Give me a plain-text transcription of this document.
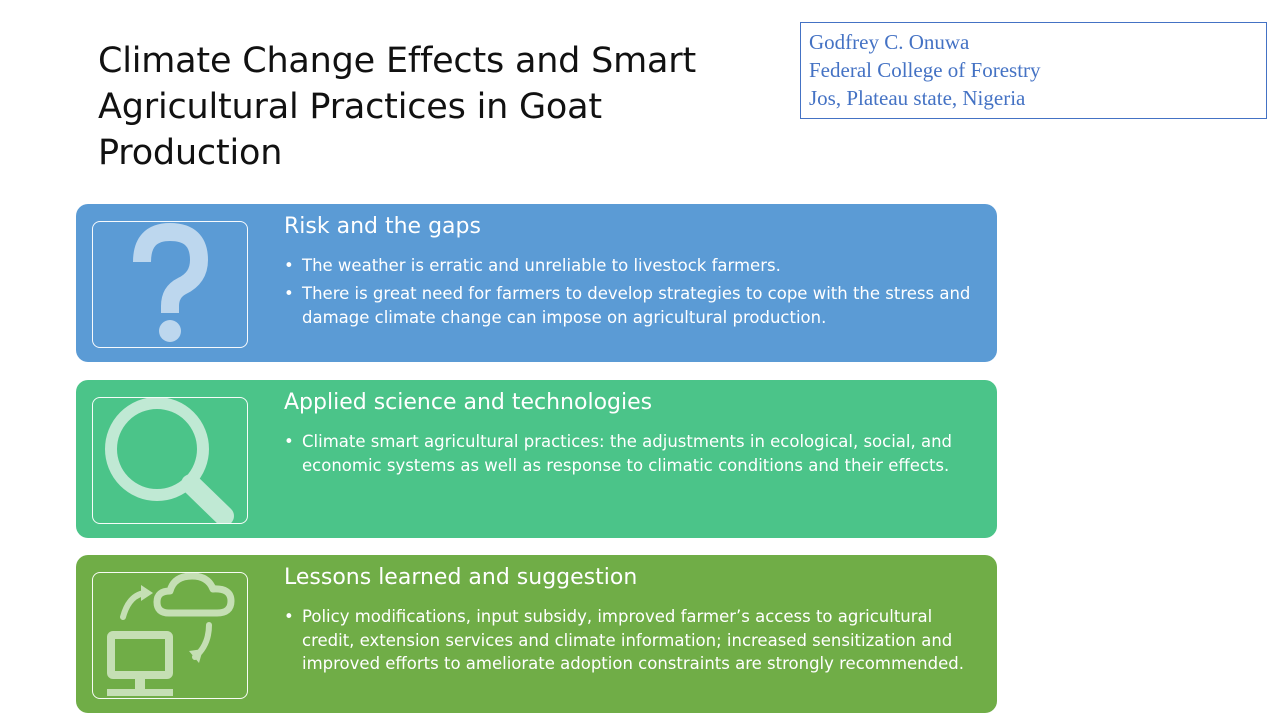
Climate Change Effects and Smart Agricultural Practices in Goat Production
Godfrey C. Onuwa
Federal College of Forestry
Jos, Plateau state, Nigeria
Risk and the gaps
• The weather is erratic and unreliable to livestock farmers.
• There is great need for farmers to develop strategies to cope with the stress and damage climate change can impose on agricultural production.
Applied science and technologies
• Climate smart agricultural practices: the adjustments in ecological, social, and economic systems as well as response to climatic conditions and their effects.
Lessons learned and suggestion
• Policy modifications, input subsidy, improved farmer’s access to agricultural credit, extension services and climate information; increased sensitization and improved efforts to ameliorate adoption constraints are strongly recommended.
